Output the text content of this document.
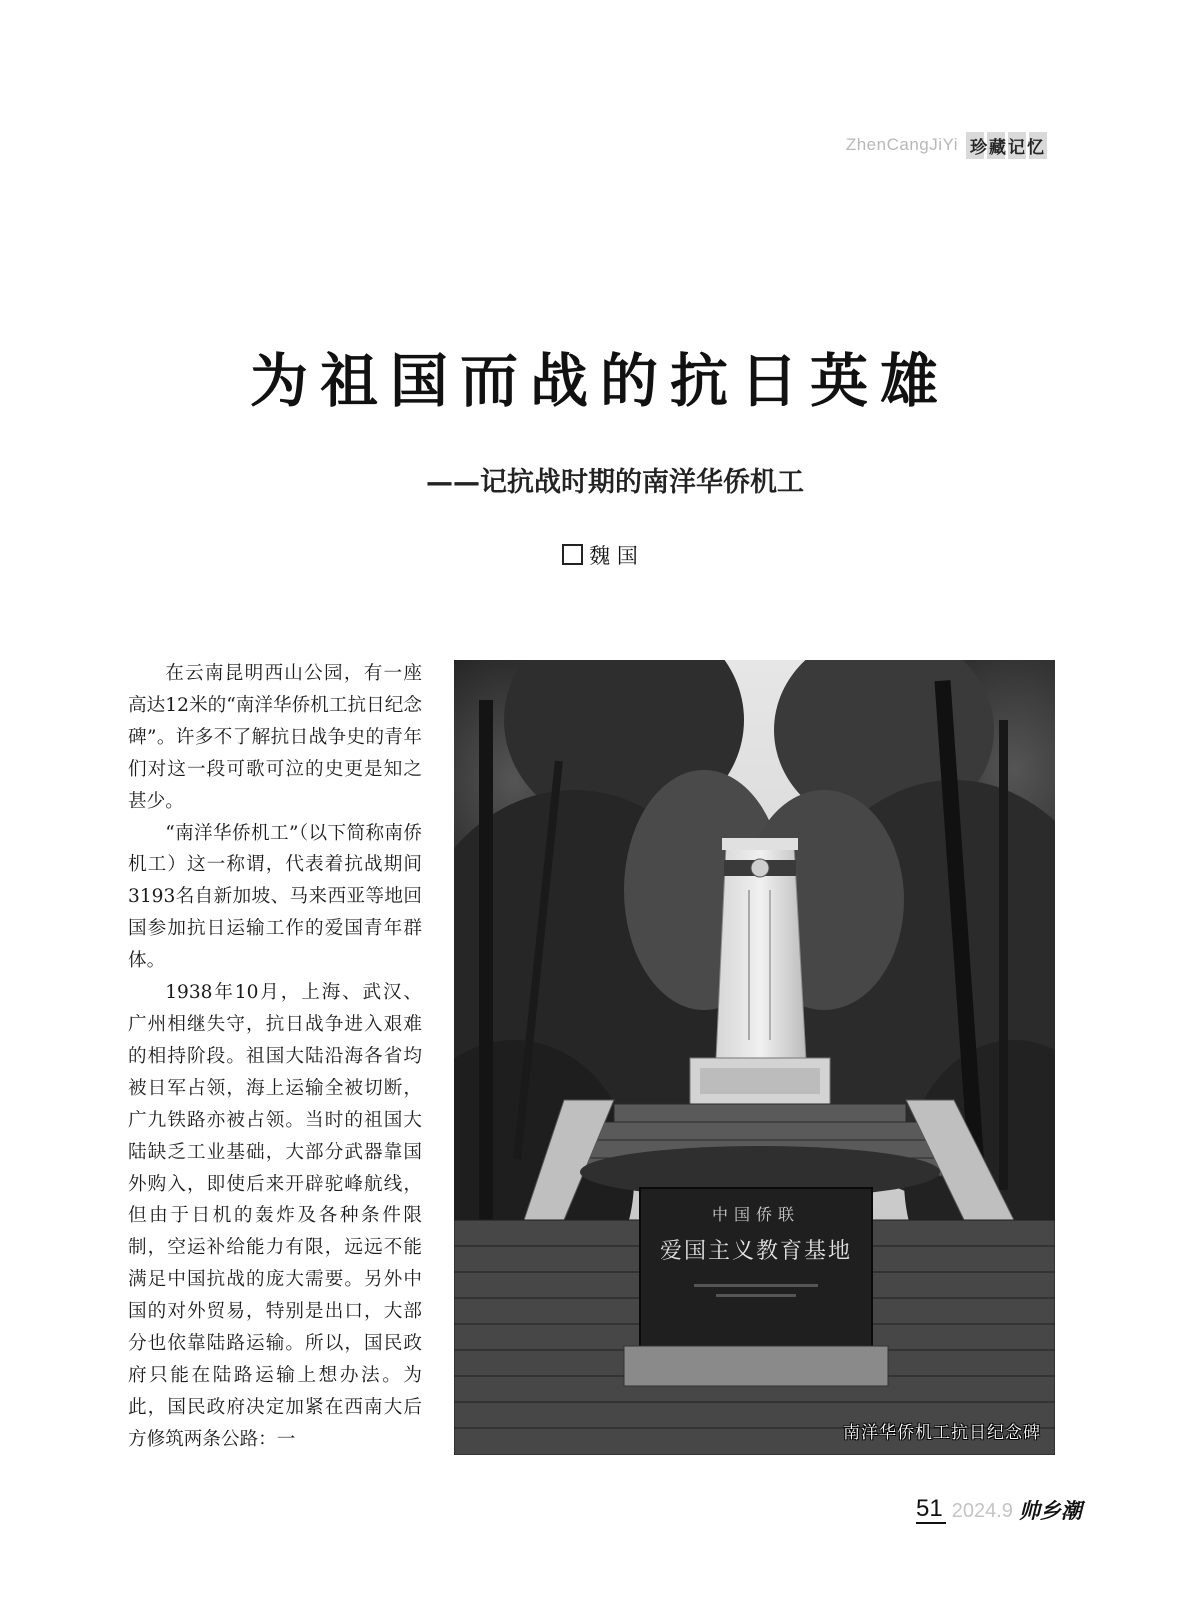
ZhenCangJiYi 珍藏记忆
为祖国而战的抗日英雄
——记抗战时期的南洋华侨机工
魏 国

在云南昆明西山公园，有一座高达12米的“南洋华侨机工抗日纪念碑”。许多不了解抗日战争史的青年们对这一段可歌可泣的史更是知之甚少。

“南洋华侨机工”（以下简称南侨机工）这一称谓，代表着抗战期间3193名自新加坡、马来西亚等地回国参加抗日运输工作的爱国青年群体。

1938年10月，上海、武汉、广州相继失守，抗日战争进入艰难的相持阶段。祖国大陆沿海各省均被日军占领，海上运输全被切断，广九铁路亦被占领。当时的祖国大陆缺乏工业基础，大部分武器靠国外购入，即使后来开辟驼峰航线，但由于日机的轰炸及各种条件限制，空运补给能力有限，远远不能满足中国抗战的庞大需要。另外中国的对外贸易，特别是出口，大部分也依靠陆路运输。所以，国民政府只能在陆路运输上想办法。为此，国民政府决定加紧在西南大后方修筑两条公路：一

中国侨联
爱国主义教育基地
南洋华侨机工抗日纪念碑
51 2024.9 帅乡潮
